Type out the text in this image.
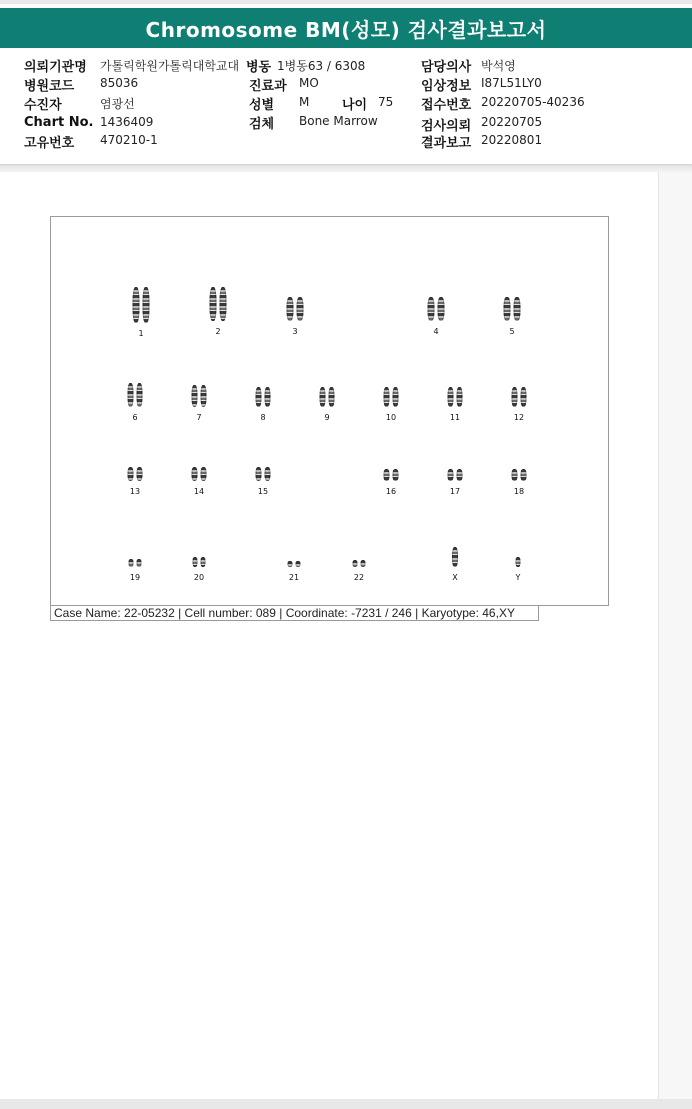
Chromosome BM(성모) 검사결과보고서
의뢰기관명 가톨릭학원가톨릭대학교대 병동 1병동63 / 6308	담당의사 박석영
병원코드 85036	진료과 MO	임상정보 I87L51LY0
수진자	염광선	성별 M	나이 75 접수번호 20220705-40236
Chart No. 1436409	검체 Bone Marrow	검사의뢰 20220705
고유번호 470210-1	결과보고 20220801
1	2	3	4	5
6	7	8	9	10	11	12
13	14	15	16	17	18
19	20	21	22	X	Y
Case Name: 22-05232 | Cell number: 089 | Coordinate: -7231 / 246 | Karyotype: 46,XY
